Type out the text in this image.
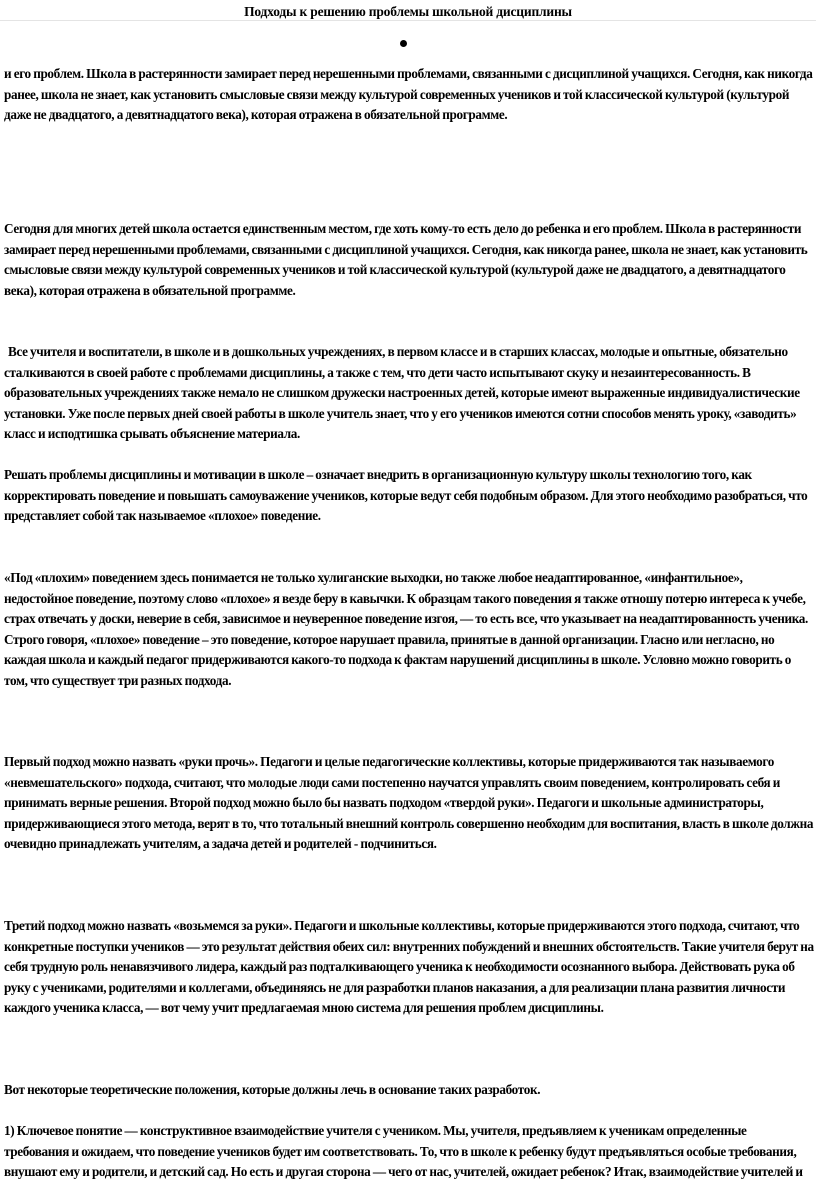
Подходы к решению проблемы школьной дисциплины

и его проблем. Школа в растерянности замирает перед нерешенными проблемами, связанными с дисциплиной учащихся. Сегодня, как никогда ранее, школа не знает, как установить смысловые связи между культурой современных учеников и той классической культурой (культурой даже не двадцатого, а девятнадцатого века), которая отражена в обязательной программе.

Сегодня для многих детей школа остается единственным местом, где хоть кому-то есть дело до ребенка и его проблем. Школа в растерянности замирает перед нерешенными проблемами, связанными с дисциплиной учащихся. Сегодня, как никогда ранее, школа не знает, как установить смысловые связи между культурой современных учеников и той классической культурой (культурой даже не двадцатого, а девятнадцатого века), которая отражена в обязательной программе.

Все учителя и воспитатели, в школе и в дошкольных учреждениях, в первом классе и в старших классах, молодые и опытные, обязательно сталкиваются в своей работе с проблемами дисциплины, а также с тем, что дети часто испытывают скуку и незаинтересованность. В образовательных учреждениях также немало не слишком дружески настроенных детей, которые имеют выраженные индивидуалистические установки. Уже после первых дней своей работы в школе учитель знает, что у его учеников имеются сотни способов менять уроку, «заводить» класс и исподтишка срывать объяснение материала.

Решать проблемы дисциплины и мотивации в школе – означает внедрить в организационную культуру школы технологию того, как корректировать поведение и повышать самоуважение учеников, которые ведут себя подобным образом. Для этого необходимо разобраться, что представляет собой так называемое «плохое» поведение.

«Под «плохим» поведением здесь понимается не только хулиганские выходки, но также любое неадаптированное, «инфантильное», недостойное поведение, поэтому слово «плохое» я везде беру в кавычки. К образцам такого поведения я также отношу потерю интереса к учебе, страх отвечать у доски, неверие в себя, зависимое и неуверенное поведение изгоя, — то есть все, что указывает на неадаптированность ученика. Строго говоря, «плохое» поведение – это поведение, которое нарушает правила, принятые в данной организации. Гласно или негласно, но каждая школа и каждый педагог придерживаются какого-то подхода к фактам нарушений дисциплины в школе. Условно можно говорить о том, что существует три разных подхода.

Первый подход можно назвать «руки прочь». Педагоги и целые педагогические коллективы, которые придерживаются так называемого «невмешательского» подхода, считают, что молодые люди сами постепенно научатся управлять своим поведением, контролировать себя и принимать верные решения. Второй подход можно было бы назвать подходом «твердой руки». Педагоги и школьные администраторы, придерживающиеся этого метода, верят в то, что тотальный внешний контроль совершенно необходим для воспитания, власть в школе должна очевидно принадлежать учителям, а задача детей и родителей - подчиниться.

Третий подход можно назвать «возьмемся за руки». Педагоги и школьные коллективы, которые придерживаются этого подхода, считают, что конкретные поступки учеников — это результат действия обеих сил: внутренних побуждений и внешних обстоятельств. Такие учителя берут на себя трудную роль ненавязчивого лидера, каждый раз подталкивающего ученика к необходимости осознанного выбора. Действовать рука об руку с учениками, родителями и коллегами, объединяясь не для разработки планов наказания, а для реализации плана развития личности каждого ученика класса, — вот чему учит предлагаемая мною система для решения проблем дисциплины.

Вот некоторые теоретические положения, которые должны лечь в основание таких разработок.

1) Ключевое понятие — конструктивное взаимодействие учителя с учеником. Мы, учителя, предъявляем к ученикам определенные требования и ожидаем, что поведение учеников будет им соответствовать. То, что в школе к ребенку будут предъявляться особые требования, внушают ему и родители, и детский сад. Но есть и другая сторона — чего от нас, учителей, ожидает ребенок? Итак, взаимодействие учителей и
